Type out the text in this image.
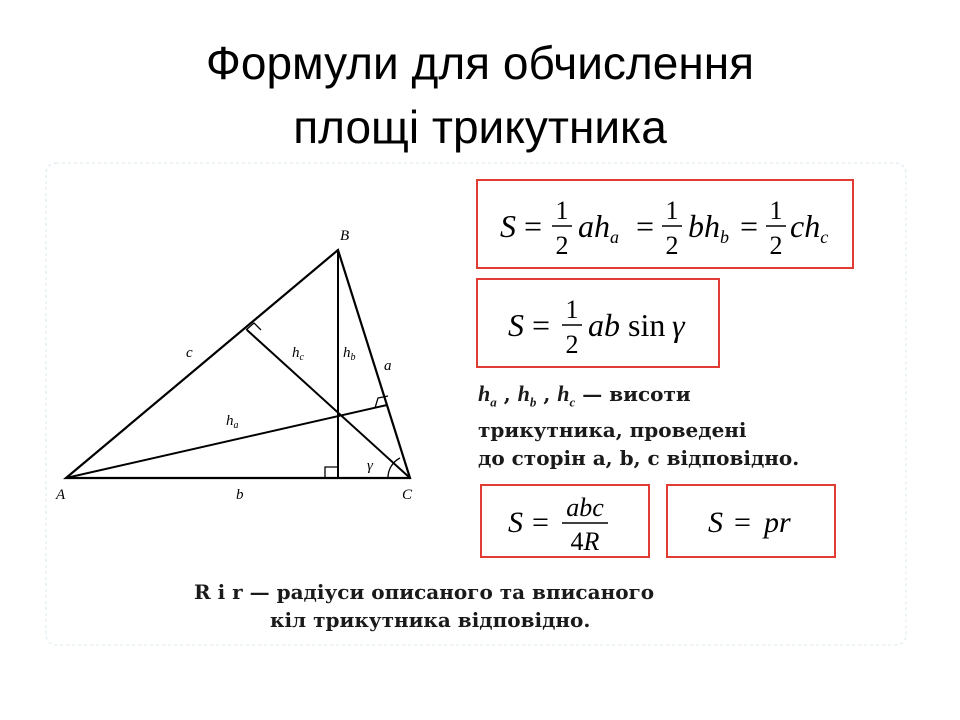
Формули для обчислення
площі трикутника
A
B
C
c
a
b
γ
$h_c$	$h_b$
$h_a$
S = 1
2
aha = 1
2
bhb = 1
2
chc
S = 1
2
ab sin γ
$h_a$ , $h_b$ , $h_c$ — висоти
трикутника, проведені
до сторін a, b, c відповідно.
S = abc
4R
S = pr
R і r — радіуси описаного та вписаного
кіл трикутника відповідно.
